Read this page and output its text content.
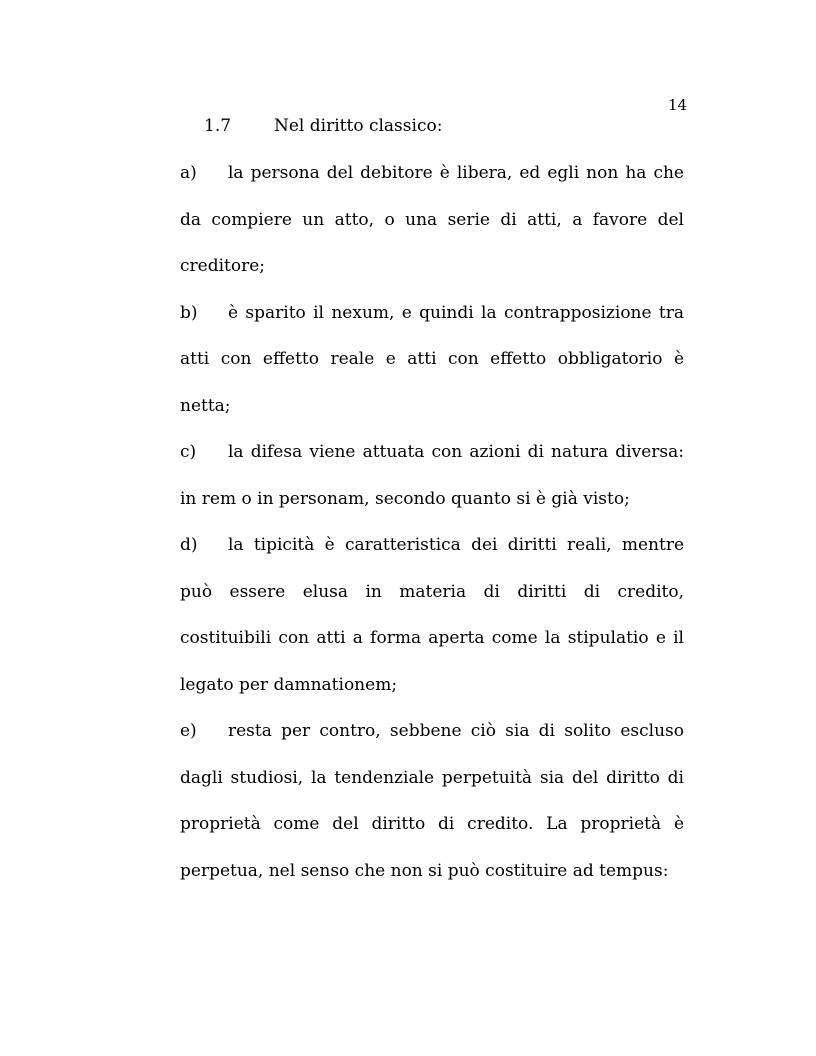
14
1.7	Nel diritto classico:

a) la persona del debitore è libera, ed egli non ha che da compiere un atto, o una serie di atti, a favore del creditore;

b) è sparito il nexum, e quindi la contrapposizione tra atti con effetto reale e atti con effetto obbligatorio è netta;

c) la difesa viene attuata con azioni di natura diversa: in rem o in personam, secondo quanto si è già visto;

d) la tipicità è caratteristica dei diritti reali, mentre può essere elusa in materia di diritti di credito, costituibili con atti a forma aperta come la stipulatio e il legato per damnationem;

e) resta per contro, sebbene ciò sia di solito escluso dagli studiosi, la tendenziale perpetuità sia del diritto di proprietà come del diritto di credito. La proprietà è perpetua, nel senso che non si può costituire ad tempus:
